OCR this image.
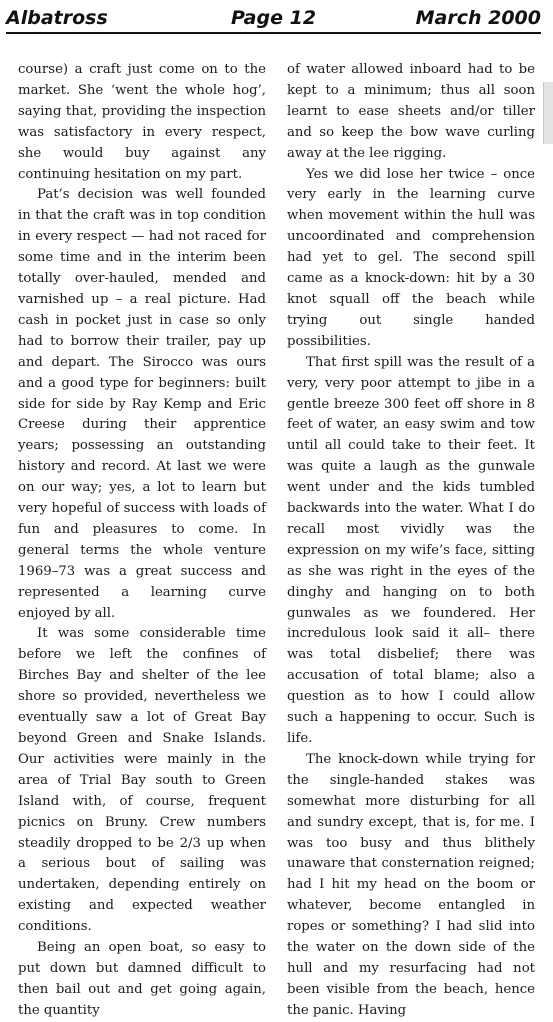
Albatross	Page 12	March 2000

course) a craft just come on to the market. She ‘went the whole hog’, saying that, providing the inspection was satisfactory in every respect, she would buy against any continuing hesitation on my part.

Pat’s decision was well founded in that the craft was in top condition in every respect — had not raced for some time and in the interim been totally over-hauled, mended and varnished up – a real picture. Had cash in pocket just in case so only had to borrow their trailer, pay up and depart. The Sirocco was ours and a good type for beginners: built side for side by Ray Kemp and Eric Creese during their apprentice years; possessing an outstanding history and record. At last we were on our way; yes, a lot to learn but very hopeful of success with loads of fun and pleasures to come. In general terms the whole venture 1969–73 was a great success and represented a learning curve enjoyed by all.

It was some considerable time before we left the confines of Birches Bay and shelter of the lee shore so provided, nevertheless we eventually saw a lot of Great Bay beyond Green and Snake Islands. Our activities were mainly in the area of Trial Bay south to Green Island with, of course, frequent picnics on Bruny. Crew numbers steadily dropped to be 2/3 up when a serious bout of sailing was undertaken, depending entirely on existing and expected weather conditions.

Being an open boat, so easy to put down but damned difficult to then bail out and get going again, the quantity

of water allowed inboard had to be kept to a minimum; thus all soon learnt to ease sheets and/or tiller and so keep the bow wave curling away at the lee rigging.

Yes we did lose her twice – once very early in the learning curve when movement within the hull was uncoordinated and comprehension had yet to gel. The second spill came as a knock-down: hit by a 30 knot squall off the beach while trying out single handed possibilities.

That first spill was the result of a very, very poor attempt to jibe in a gentle breeze 300 feet off shore in 8 feet of water, an easy swim and tow until all could take to their feet. It was quite a laugh as the gunwale went under and the kids tumbled backwards into the water. What I do recall most vividly was the expression on my wife’s face, sitting as she was right in the eyes of the dinghy and hanging on to both gunwales as we foundered. Her incredulous look said it all– there was total disbelief; there was accusation of total blame; also a question as to how I could allow such a happening to occur. Such is life.

The knock-down while trying for the single-handed stakes was somewhat more disturbing for all and sundry except, that is, for me. I was too busy and thus blithely unaware that consternation reigned; had I hit my head on the boom or whatever, become entangled in ropes or something? I had slid into the water on the down side of the hull and my resurfacing had not been visible from the beach, hence the panic. Having
